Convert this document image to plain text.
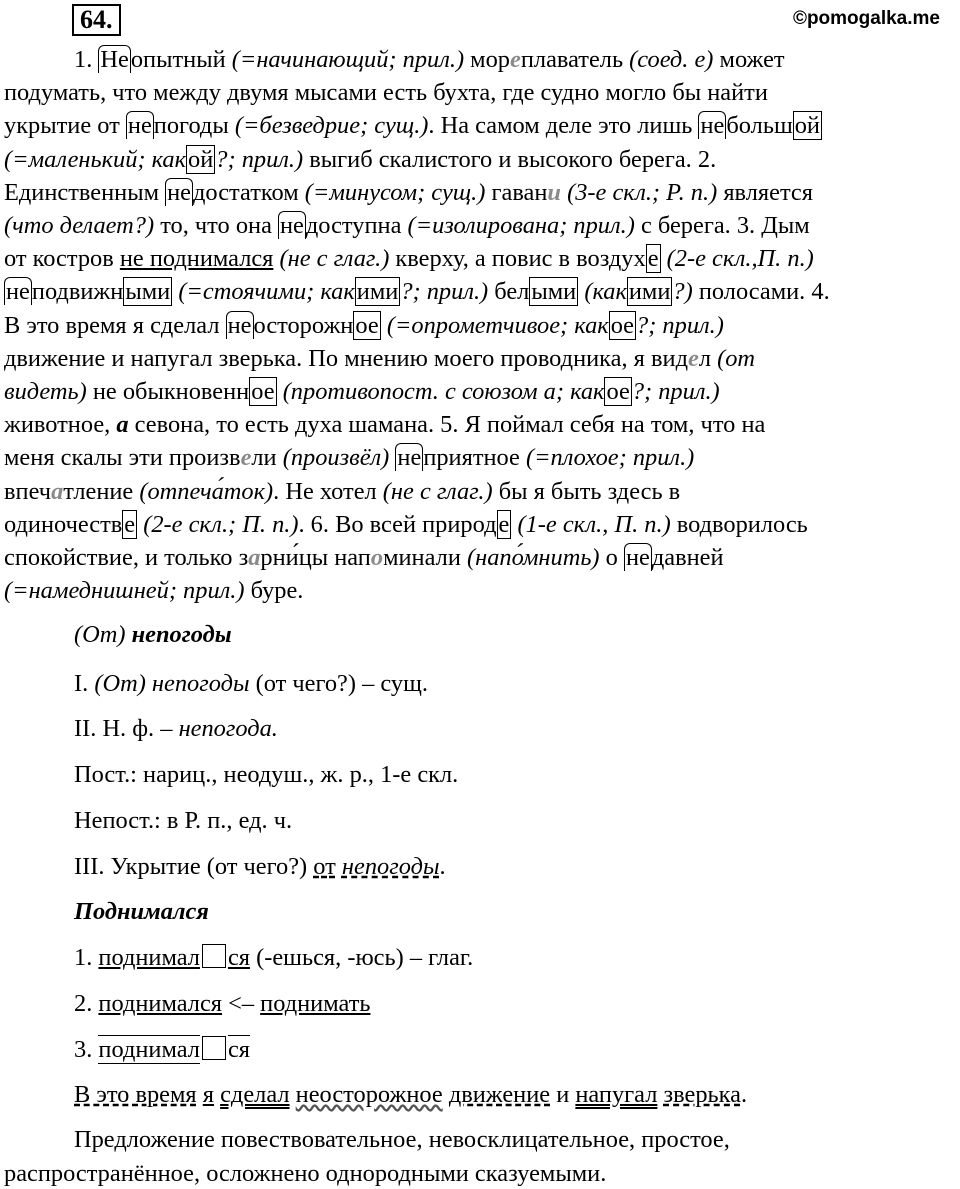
64.	©pomogalka.me

1. Неопытный (=начинающий; прил.) мореплаватель (соед. е) может
подумать, что между двумя мысами есть бухта, где судно могло бы найти
укрытие от непогоды (=безведрие; сущ.). На самом деле это лишь небольшой
(=маленький; какой?; прил.) выгиб скалистого и высокого берега. 2.
Единственным недостатком (=минусом; сущ.) гавани (3-е скл.; Р. п.) является
(что делает?) то, что она недоступна (=изолирована; прил.) с берега. 3. Дым
от костров не поднимался (не с глаг.) кверху, а повис в воздухе (2-е скл.,П. п.)
неподвижными (=стоячими; какими?; прил.) белыми (какими?) полосами. 4.
В это время я сделал неосторожное (=опрометчивое; какое?; прил.)
движение и напугал зверька. По мнению моего проводника, я видел (от
видеть) не обыкновенное (противопост. с союзом а; какое?; прил.)
животное, а севона, то есть духа шамана. 5. Я поймал себя на том, что на
меня скалы эти произвели (произвёл) неприятное (=плохое; прил.)
впечатление (отпеча́ток). Не хотел (не с глаг.) бы я быть здесь в
одиночестве (2-е скл.; П. п.). 6. Во всей природе (1-е скл., П. п.) водворилось
спокойствие, и только зарни́цы напоминали (напо́мнить) о недавней
(=намеднишней; прил.) буре.

(От) непогоды
I. (От) непогоды (от чего?) – сущ.
II. Н. ф. – непогода.
Пост.: нариц., неодуш., ж. р., 1-е скл.
Непост.: в Р. п., ед. ч.
III. Укрытие (от чего?) от непогоды.
Поднимался
1. поднимал ся (-ешься, -юсь) – глаг.
2. поднимался <– поднимать
3. поднимал ся
В это время я сделал неосторожное движение и напугал зверька.
Предложение повествовательное, невосклицательное, простое,
распространённое, осложнено однородными сказуемыми.
